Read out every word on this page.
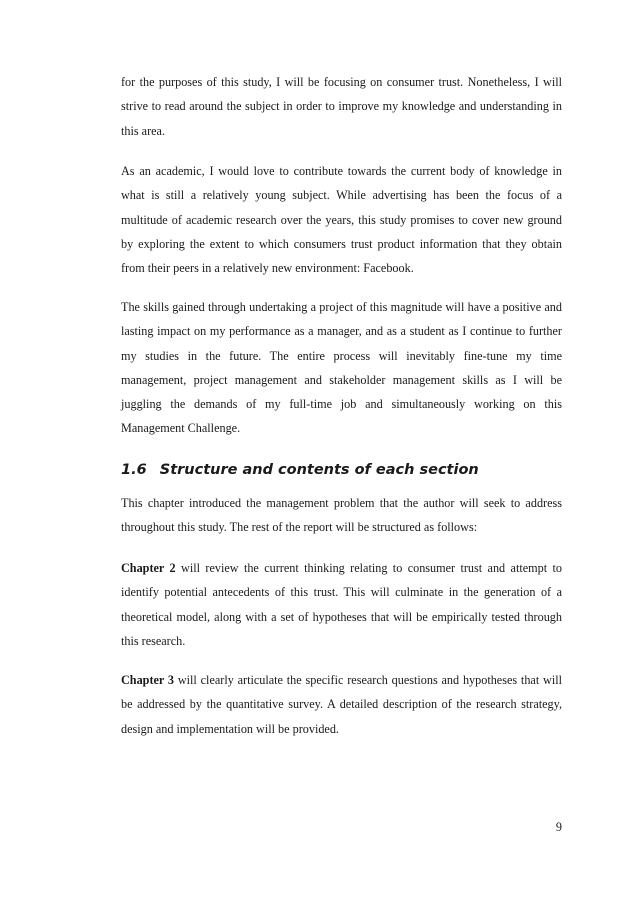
for the purposes of this study, I will be focusing on consumer trust. Nonetheless, I will strive to read around the subject in order to improve my knowledge and understanding in this area.

As an academic, I would love to contribute towards the current body of knowledge in what is still a relatively young subject. While advertising has been the focus of a multitude of academic research over the years, this study promises to cover new ground by exploring the extent to which consumers trust product information that they obtain from their peers in a relatively new environment: Facebook.

The skills gained through undertaking a project of this magnitude will have a positive and lasting impact on my performance as a manager, and as a student as I continue to further my studies in the future. The entire process will inevitably fine-tune my time management, project management and stakeholder management skills as I will be juggling the demands of my full-time job and simultaneously working on this Management Challenge.

1.6 Structure and contents of each section

This chapter introduced the management problem that the author will seek to address throughout this study. The rest of the report will be structured as follows:

Chapter 2 will review the current thinking relating to consumer trust and attempt to identify potential antecedents of this trust. This will culminate in the generation of a theoretical model, along with a set of hypotheses that will be empirically tested through this research.

Chapter 3 will clearly articulate the specific research questions and hypotheses that will be addressed by the quantitative survey. A detailed description of the research strategy, design and implementation will be provided.

9
